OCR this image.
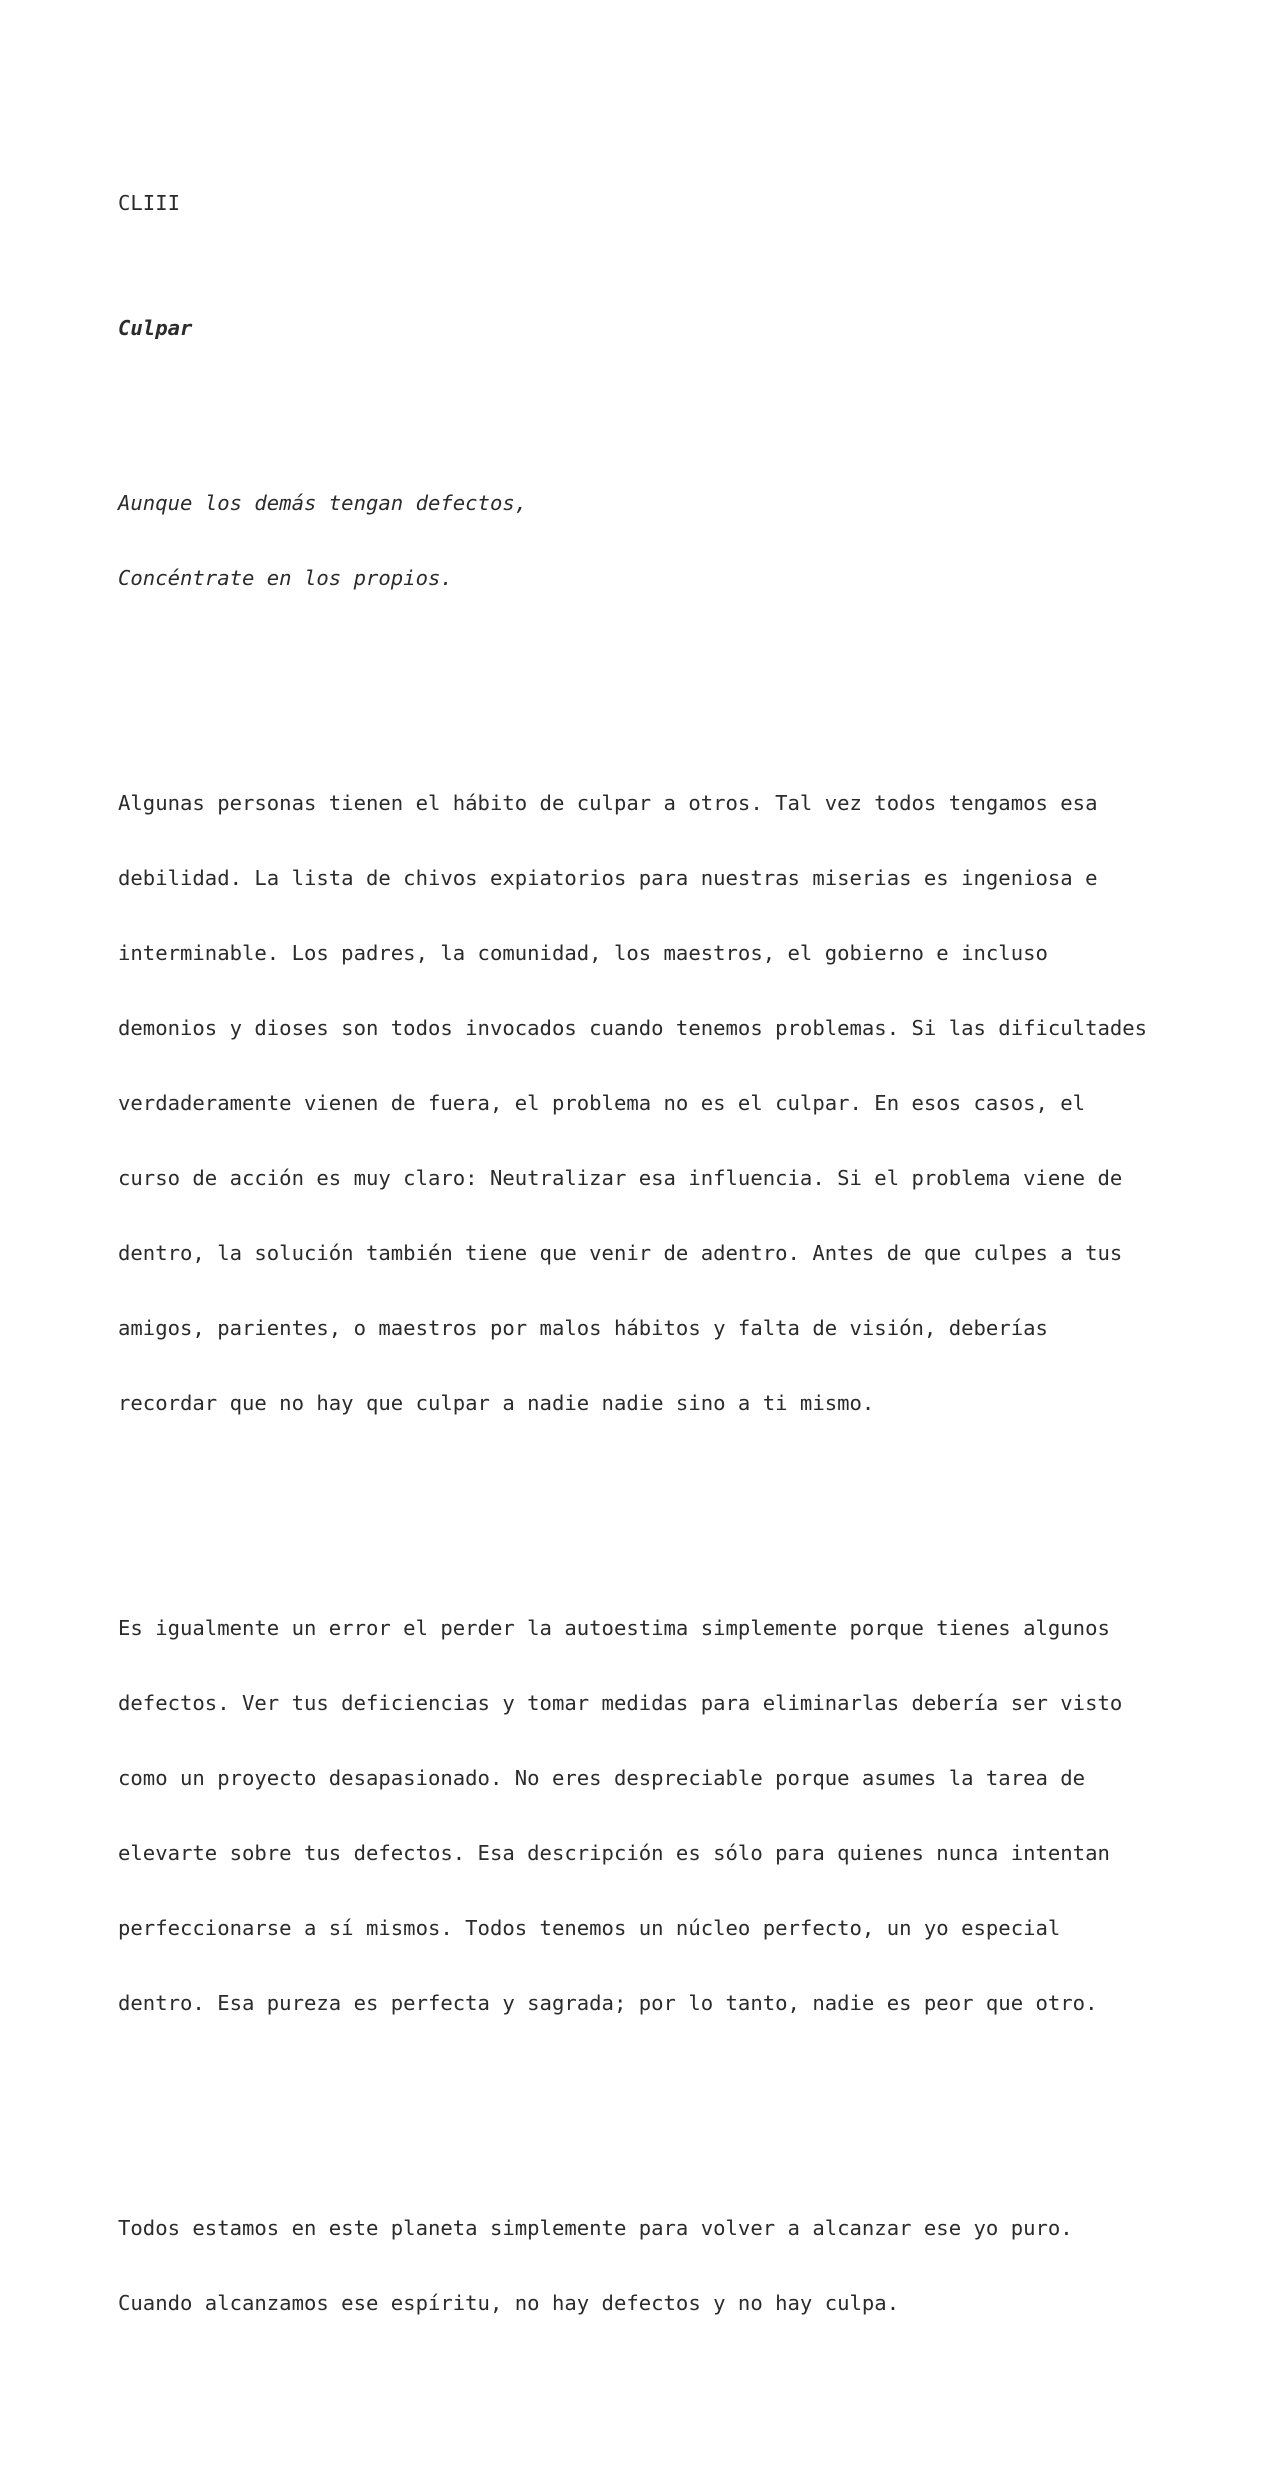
CLIII

Culpar

Aunque los demás tengan defectos,

Concéntrate en los propios.

Algunas personas tienen el hábito de culpar a otros. Tal vez todos tengamos esa

debilidad. La lista de chivos expiatorios para nuestras miserias es ingeniosa e

interminable. Los padres, la comunidad, los maestros, el gobierno e incluso

demonios y dioses son todos invocados cuando tenemos problemas. Si las dificultades

verdaderamente vienen de fuera, el problema no es el culpar. En esos casos, el

curso de acción es muy claro: Neutralizar esa influencia. Si el problema viene de

dentro, la solución también tiene que venir de adentro. Antes de que culpes a tus

amigos, parientes, o maestros por malos hábitos y falta de visión, deberías

recordar que no hay que culpar a nadie nadie sino a ti mismo.

Es igualmente un error el perder la autoestima simplemente porque tienes algunos

defectos. Ver tus deficiencias y tomar medidas para eliminarlas debería ser visto

como un proyecto desapasionado. No eres despreciable porque asumes la tarea de

elevarte sobre tus defectos. Esa descripción es sólo para quienes nunca intentan

perfeccionarse a sí mismos. Todos tenemos un núcleo perfecto, un yo especial

dentro. Esa pureza es perfecta y sagrada; por lo tanto, nadie es peor que otro.

Todos estamos en este planeta simplemente para volver a alcanzar ese yo puro.

Cuando alcanzamos ese espíritu, no hay defectos y no hay culpa.
